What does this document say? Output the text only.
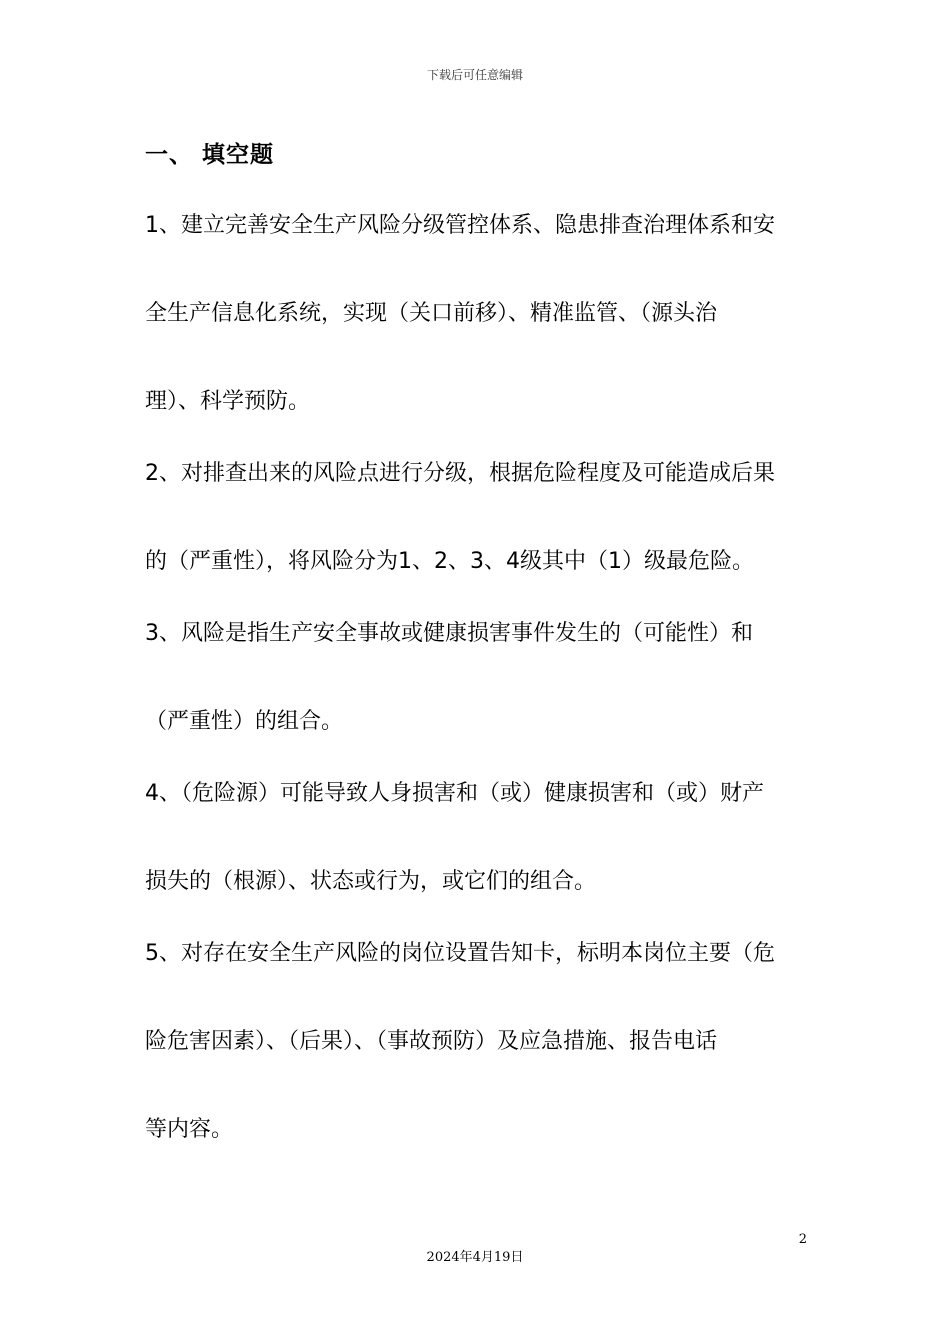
下载后可任意编辑
一、 填空题

1、建立完善安全生产风险分级管控体系、隐患排查治理体系和安
全生产信息化系统，实现（关口前移）、精准监管、（源头治
理）、科学预防。

2、对排查出来的风险点进行分级，根据危险程度及可能造成后果
的（严重性），将风险分为1、2、3、4级其中（1）级最危险。

3、风险是指生产安全事故或健康损害事件发生的（可能性）和
（严重性）的组合。

4、（危险源）可能导致人身损害和（或）健康损害和（或）财产
损失的（根源）、状态或行为，或它们的组合。

5、对存在安全生产风险的岗位设置告知卡，标明本岗位主要（危
险危害因素）、（后果）、（事故预防）及应急措施、报告电话
等内容。

2
2024年4月19日
